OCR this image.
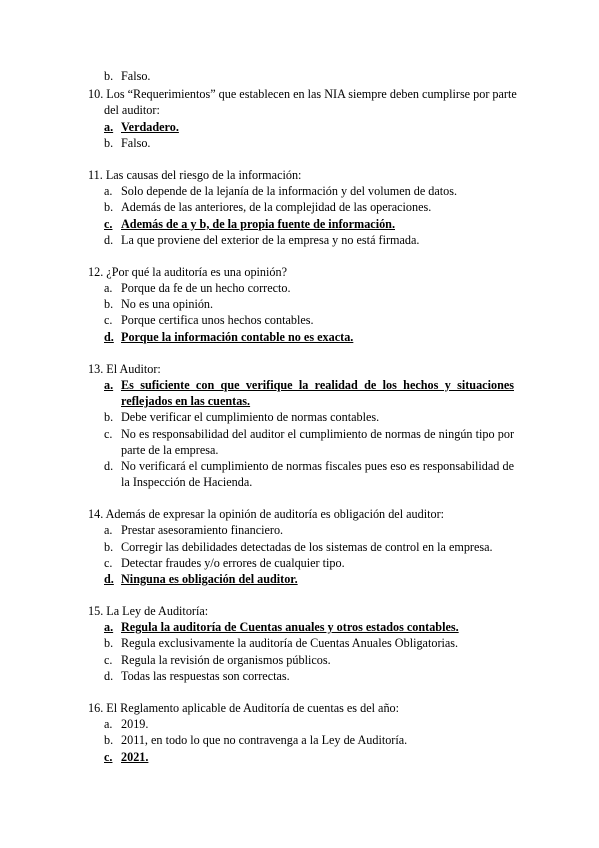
b. Falso.
10. Los “Requerimientos” que establecen en las NIA siempre deben cumplirse por parte
del auditor:
a. Verdadero.
b. Falso.
11. Las causas del riesgo de la información:
a. Solo depende de la lejanía de la información y del volumen de datos.
b. Además de las anteriores, de la complejidad de las operaciones.
c. Además de a y b, de la propia fuente de información.
d. La que proviene del exterior de la empresa y no está firmada.
12. ¿Por qué la auditoría es una opinión?
a. Porque da fe de un hecho correcto.
b. No es una opinión.
c. Porque certifica unos hechos contables.
d. Porque la información contable no es exacta.
13. El Auditor:
a. Es suficiente con que verifique la realidad de los hechos y situaciones
reflejados en las cuentas.
b. Debe verificar el cumplimiento de normas contables.
c. No es responsabilidad del auditor el cumplimiento de normas de ningún tipo por
parte de la empresa.
d. No verificará el cumplimiento de normas fiscales pues eso es responsabilidad de
la Inspección de Hacienda.
14. Además de expresar la opinión de auditoría es obligación del auditor:
a. Prestar asesoramiento financiero.
b. Corregir las debilidades detectadas de los sistemas de control en la empresa.
c. Detectar fraudes y/o errores de cualquier tipo.
d. Ninguna es obligación del auditor.
15. La Ley de Auditoría:
a. Regula la auditoría de Cuentas anuales y otros estados contables.
b. Regula exclusivamente la auditoría de Cuentas Anuales Obligatorias.
c. Regula la revisión de organismos públicos.
d. Todas las respuestas son correctas.
16. El Reglamento aplicable de Auditoría de cuentas es del año:
a. 2019.
b. 2011, en todo lo que no contravenga a la Ley de Auditoría.
c. 2021.
